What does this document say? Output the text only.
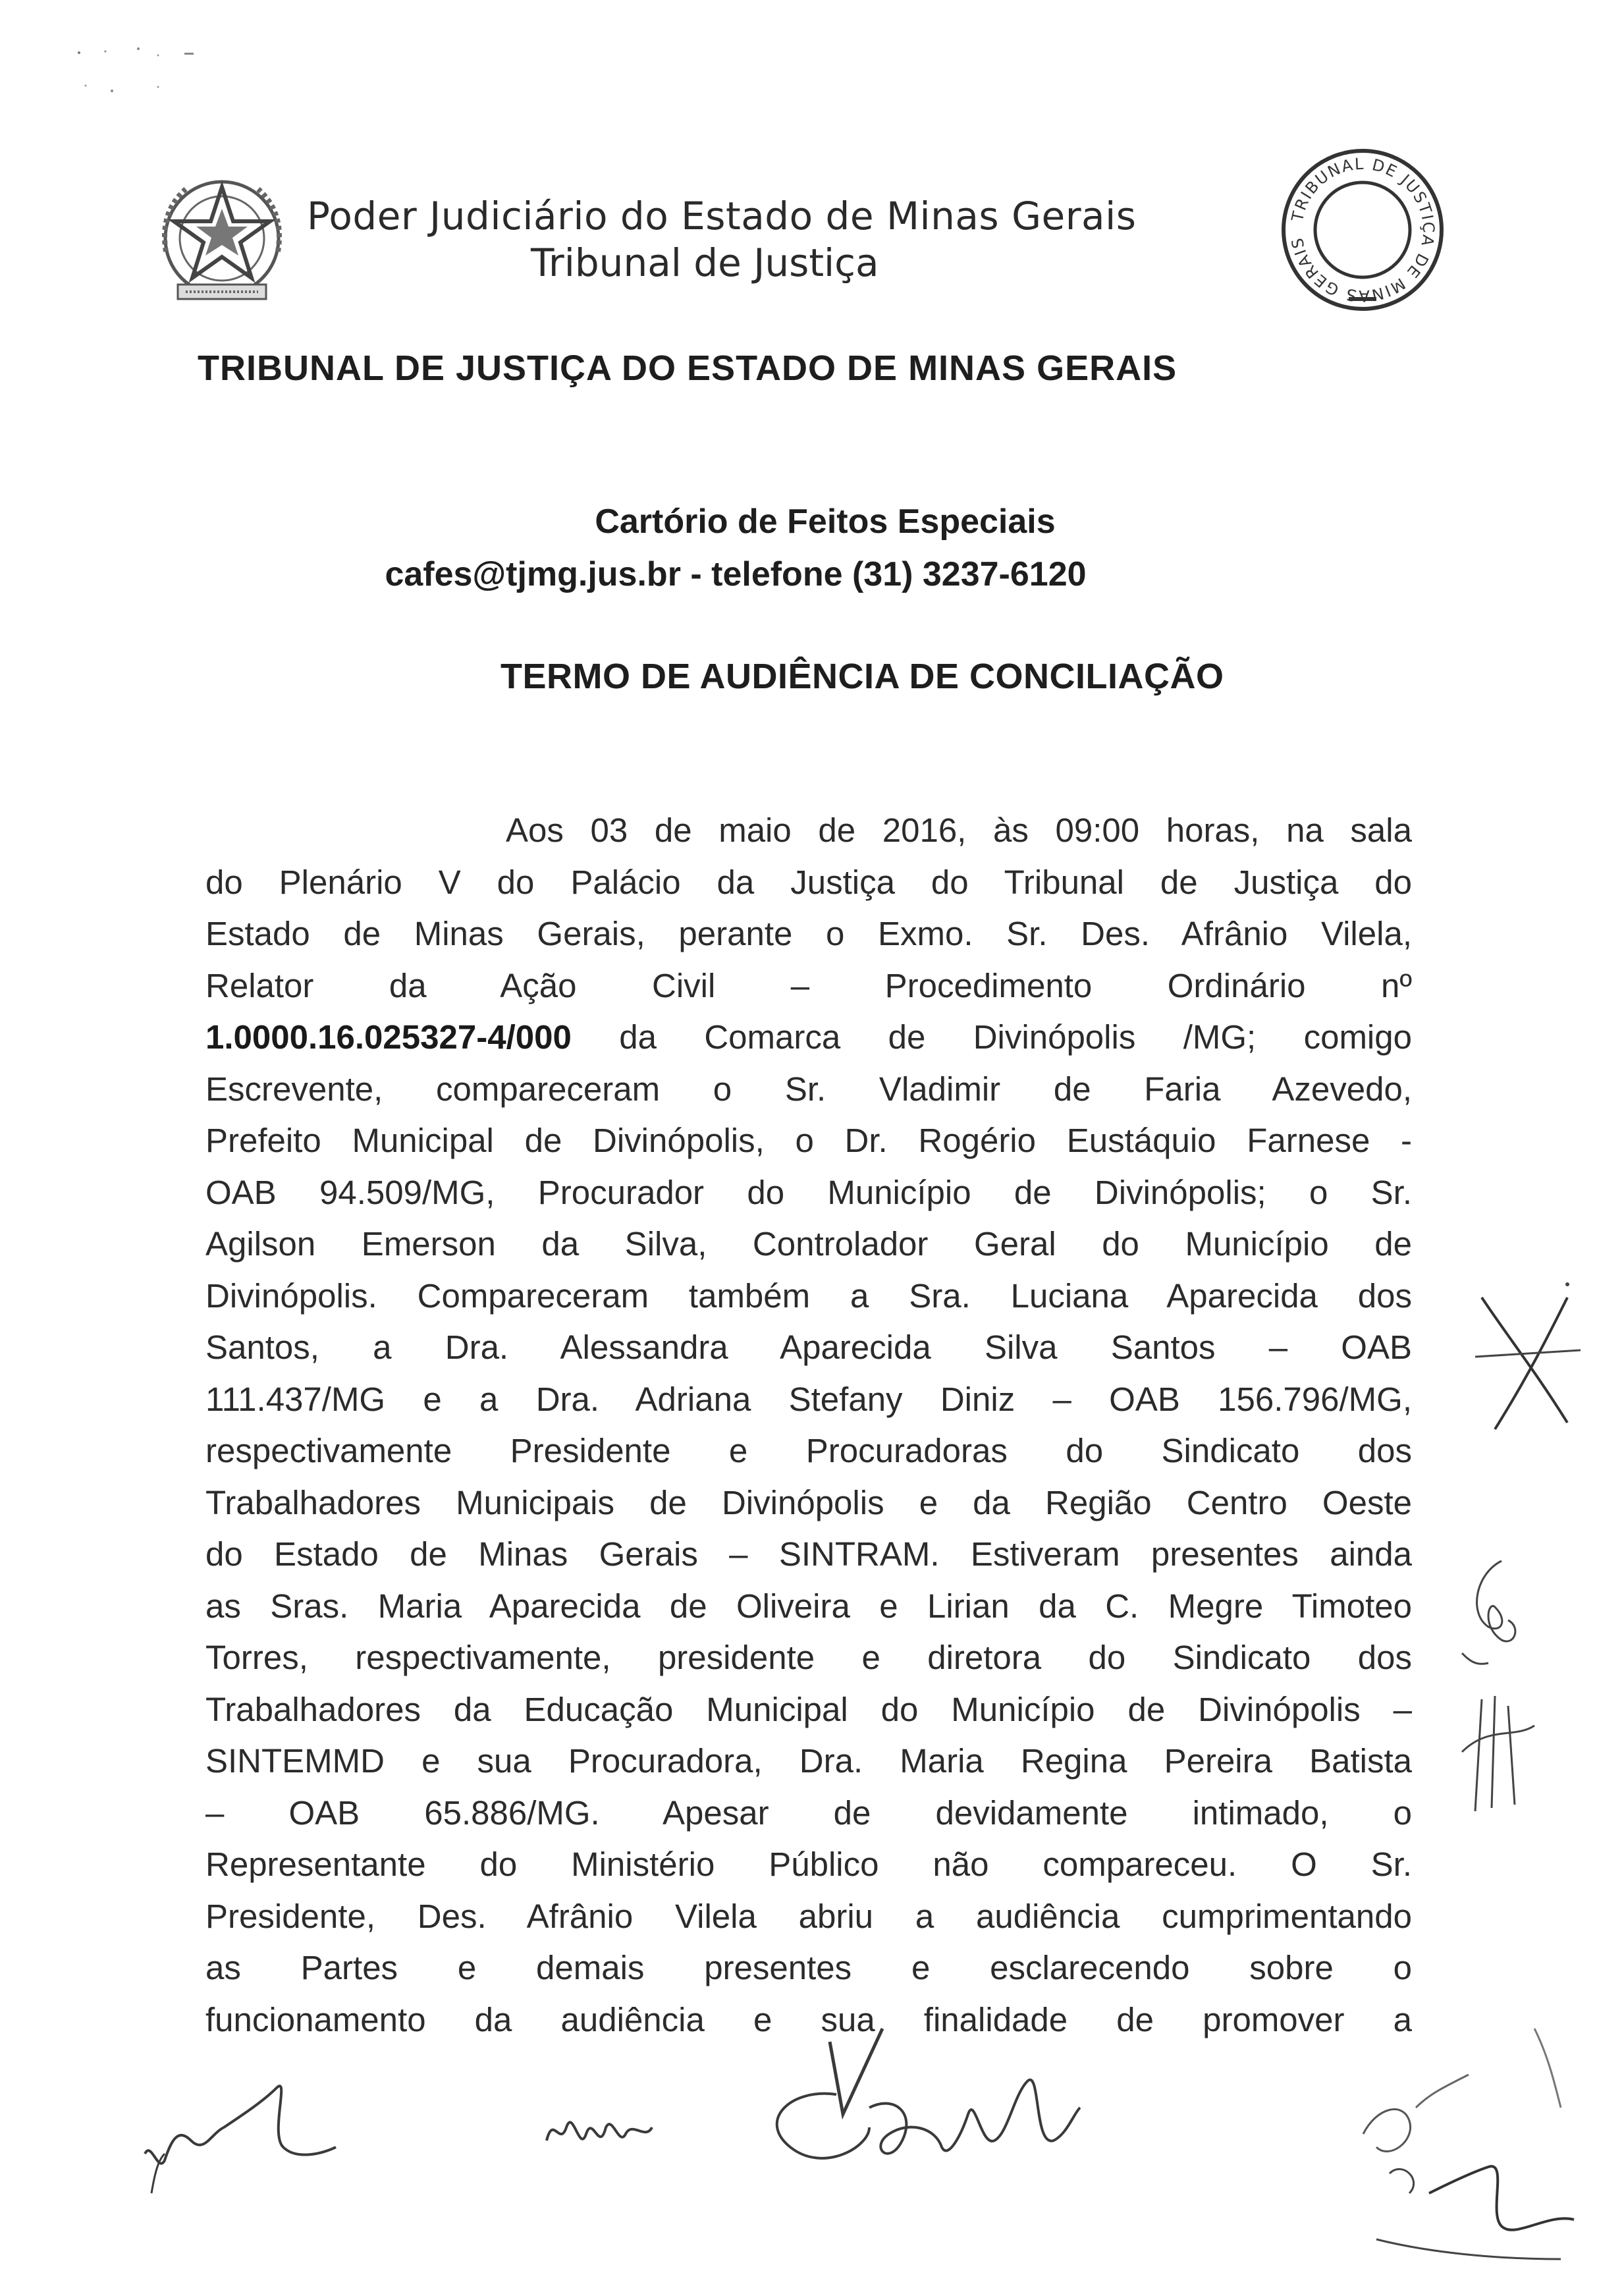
Poder Judiciário do Estado de Minas Gerais
Tribunal de Justiça
TRIBUNAL DE JUSTIÇA DE MINAS GERAIS
TRIBUNAL DE JUSTIÇA DO ESTADO DE MINAS GERAIS
Cartório de Feitos Especiais
cafes@tjmg.jus.br - telefone (31) 3237-6120
TERMO DE AUDIÊNCIA DE CONCILIAÇÃO
Aos 03 de maio de 2016, às 09:00 horas, na sala
do Plenário V do Palácio da Justiça do Tribunal de Justiça do
Estado de Minas Gerais, perante o Exmo. Sr. Des. Afrânio Vilela,
Relator da Ação Civil – Procedimento Ordinário nº
1.0000.16.025327-4/000 da Comarca de Divinópolis /MG; comigo
Escrevente, compareceram o Sr. Vladimir de Faria Azevedo,
Prefeito Municipal de Divinópolis, o Dr. Rogério Eustáquio Farnese -
OAB 94.509/MG, Procurador do Município de Divinópolis; o Sr.
Agilson Emerson da Silva, Controlador Geral do Município de
Divinópolis. Compareceram também a Sra. Luciana Aparecida dos
Santos, a Dra. Alessandra Aparecida Silva Santos – OAB
111.437/MG e a Dra. Adriana Stefany Diniz – OAB 156.796/MG,
respectivamente Presidente e Procuradoras do Sindicato dos
Trabalhadores Municipais de Divinópolis e da Região Centro Oeste
do Estado de Minas Gerais – SINTRAM. Estiveram presentes ainda
as Sras. Maria Aparecida de Oliveira e Lirian da C. Megre Timoteo
Torres, respectivamente, presidente e diretora do Sindicato dos
Trabalhadores da Educação Municipal do Município de Divinópolis –
SINTEMMD e sua Procuradora, Dra. Maria Regina Pereira Batista
– OAB 65.886/MG. Apesar de devidamente intimado, o
Representante do Ministério Público não compareceu. O Sr.
Presidente, Des. Afrânio Vilela abriu a audiência cumprimentando
as Partes e demais presentes e esclarecendo sobre o
funcionamento da audiência e sua finalidade de promover a
